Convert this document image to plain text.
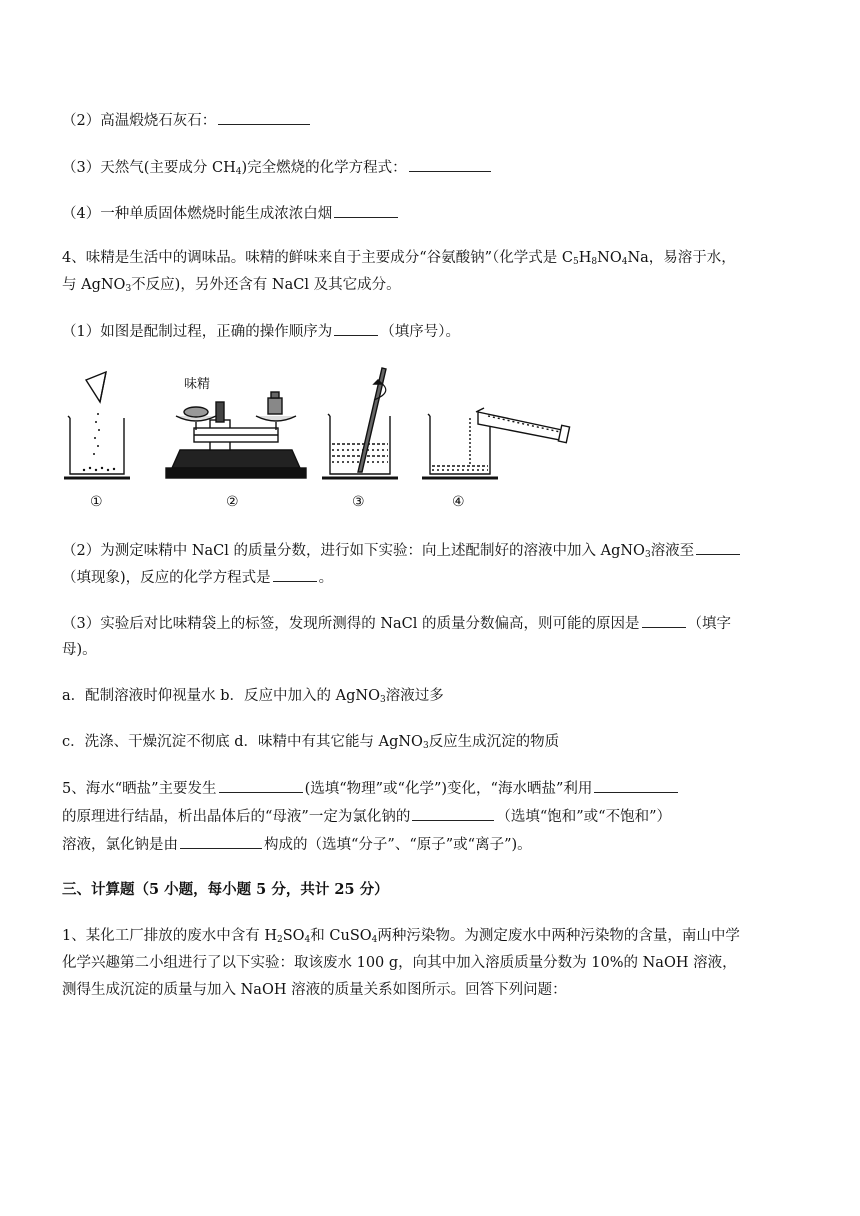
（2）高温煅烧石灰石：
（3）天然气(主要成分 $CH_4$)完全燃烧的化学方程式：
（4）一种单质固体燃烧时能生成浓浓白烟
4、味精是生活中的调味品。味精的鲜味来自于主要成分“谷氨酸钠”（化学式是 $C_5H_8NO_4Na$，易溶于水，
与 AgNO$_3$不反应)，另外还含有 NaCl 及其它成分。
（1）如图是配制过程，正确的操作顺序为	（填序号）。
味精
①	②	③	④
（2）为测定味精中 NaCl 的质量分数，进行如下实验：向上述配制好的溶液中加入 AgNO$_3$溶液至
（填现象)，反应的化学方程式是	。
（3）实验后对比味精袋上的标签，发现所测得的 NaCl 的质量分数偏高，则可能的原因是	（填字
母)。
a．配制溶液时仰视量水 b．反应中加入的 AgNO$_3$溶液过多
c．洗涤、干燥沉淀不彻底 d．味精中有其它能与 AgNO$_3$反应生成沉淀的物质
5、海水“晒盐”主要发生	(选填“物理”或“化学”)变化，“海水晒盐”利用
的原理进行结晶，析出晶体后的“母液”一定为氯化钠的	（选填“饱和”或“不饱和”）
溶液，氯化钠是由	构成的（选填“分子”、“原子”或“离子”)。
三、计算题（5 小题，每小题 5 分，共计 25 分）
1、某化工厂排放的废水中含有 $H_2SO_4$和 CuSO$_4$两种污染物。为测定废水中两种污染物的含量，南山中学
化学兴趣第二小组进行了以下实验：取该废水 100 g，向其中加入溶质质量分数为 10%的 NaOH 溶液，
测得生成沉淀的质量与加入 NaOH 溶液的质量关系如图所示。回答下列问题：
